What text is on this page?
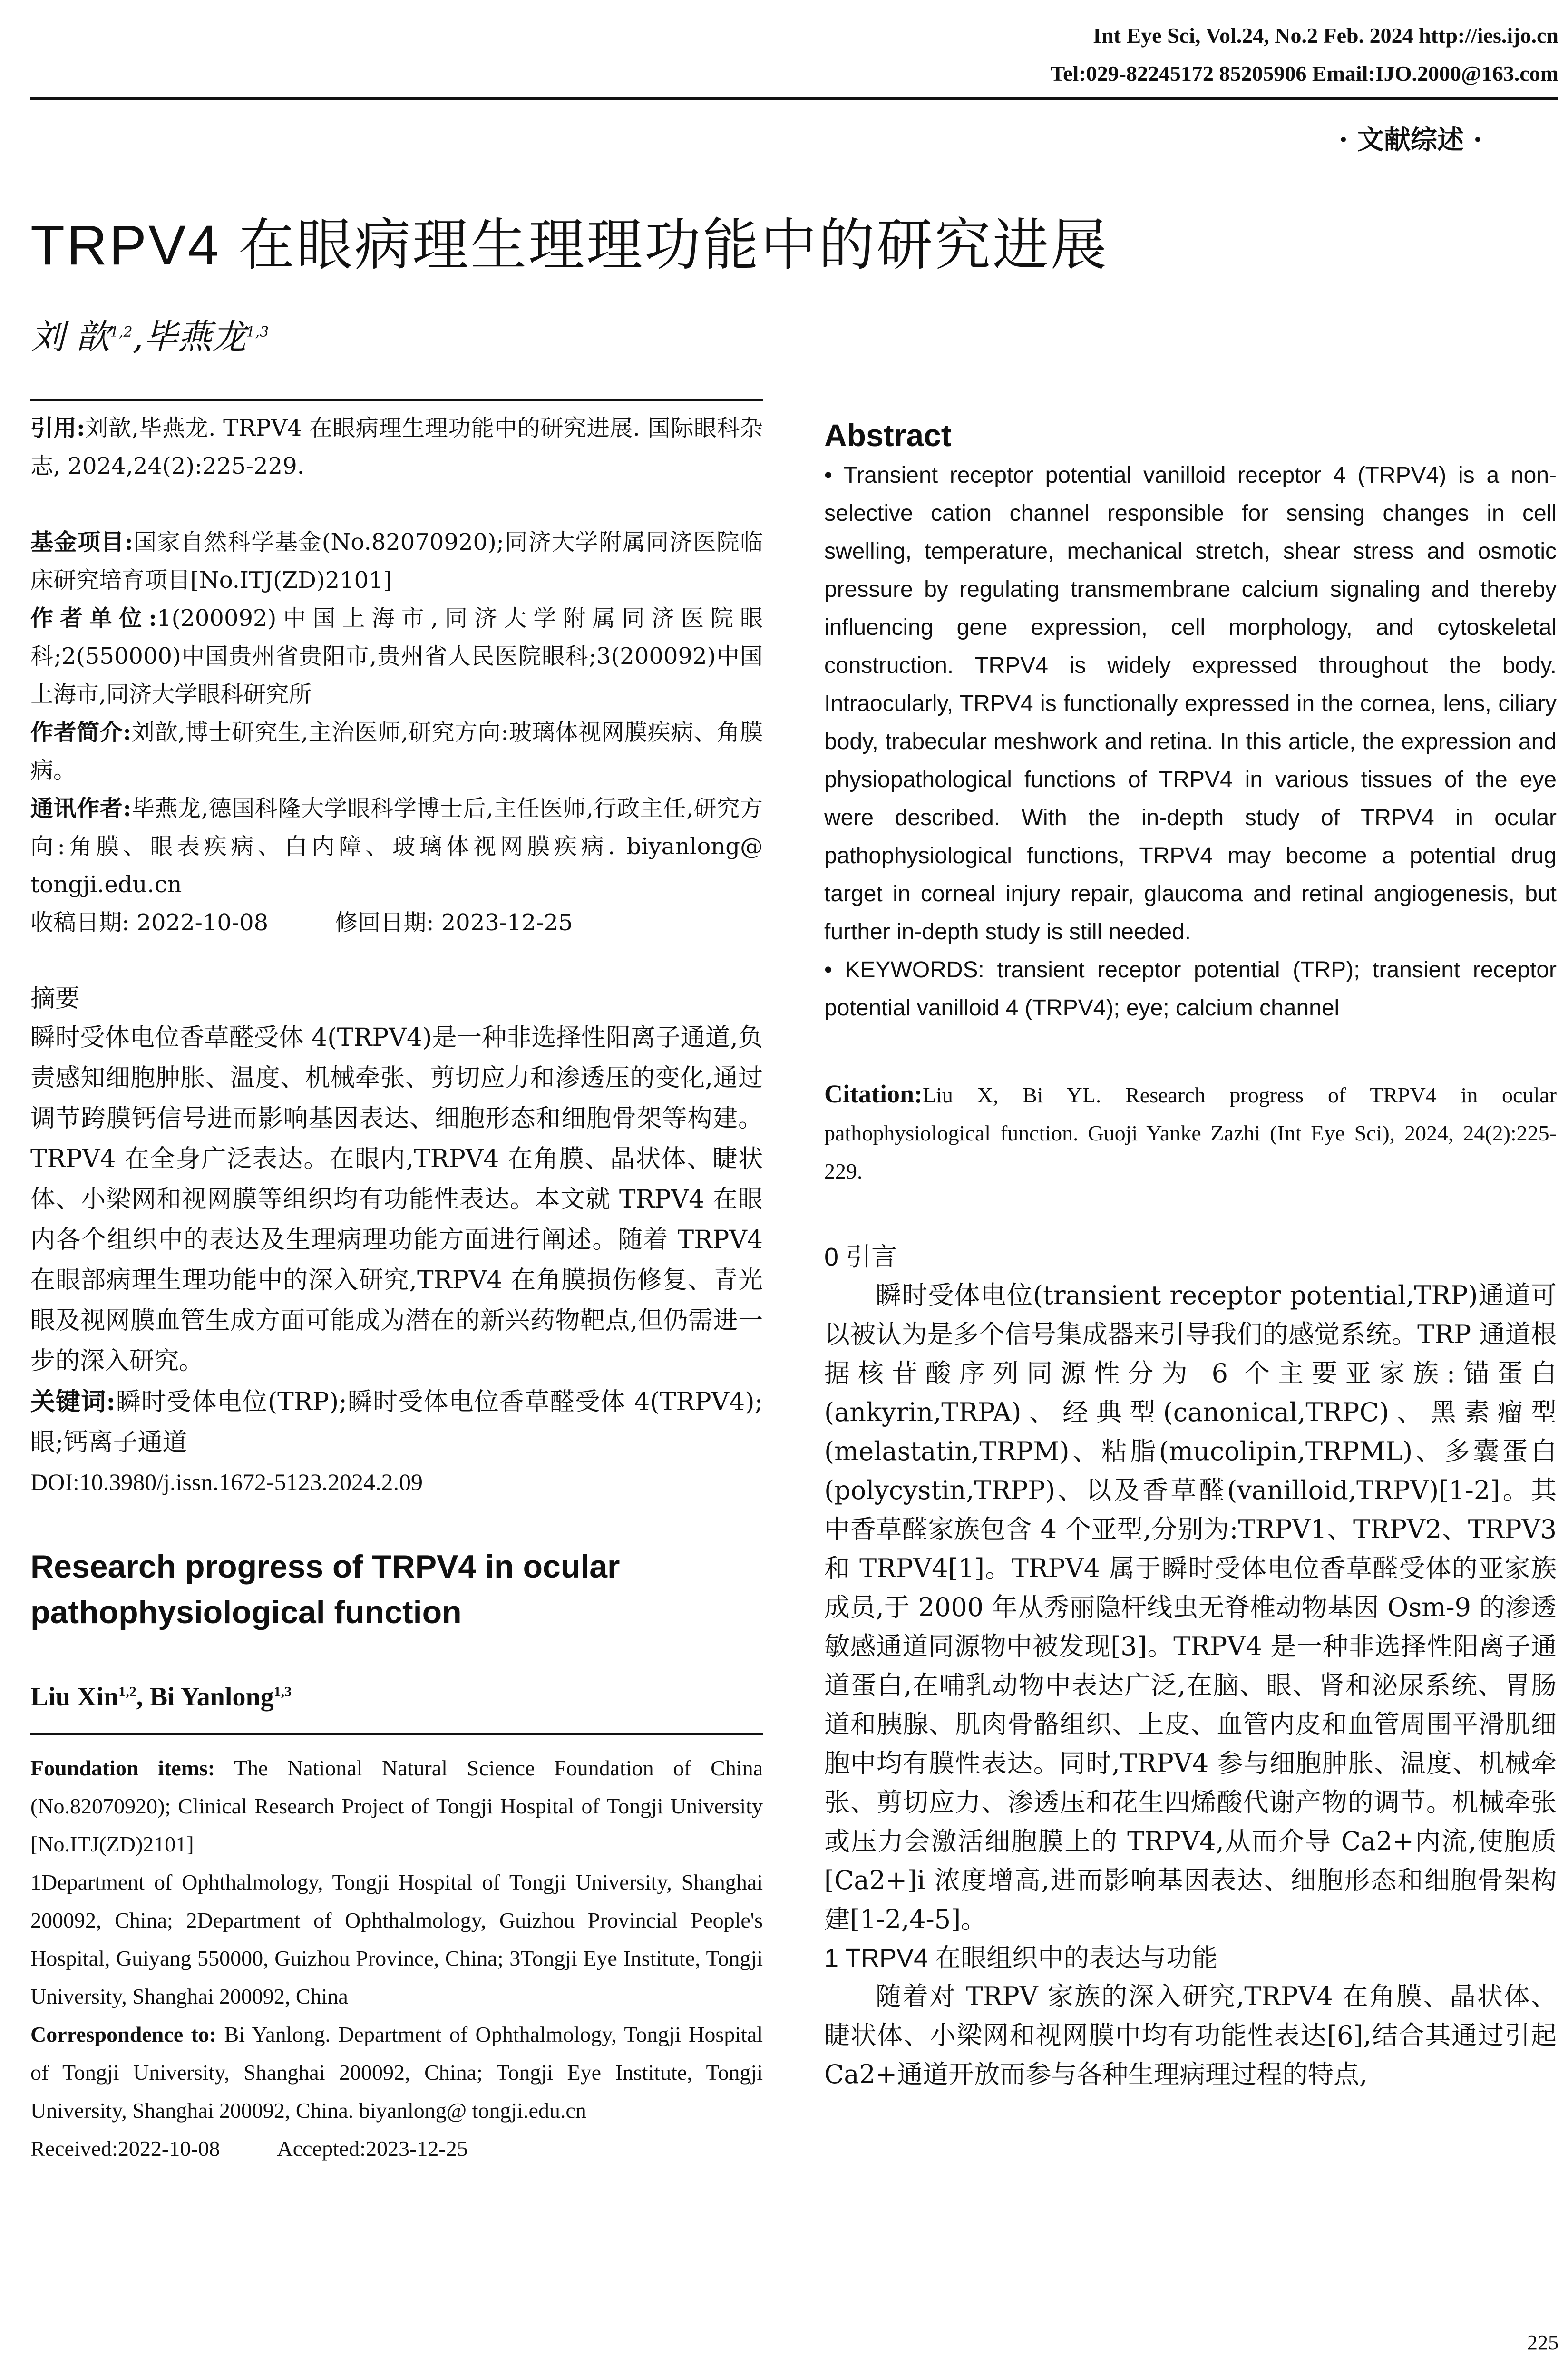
Int Eye Sci, Vol.24, No.2 Feb. 2024 http://ies.ijo.cn
Tel:029-82245172 85205906 Email:IJO.2000@163.com
· 文献综述 ·
TRPV4 在眼病理生理理功能中的研究进展
刘 歆$^{1,2}$,毕燕龙$^{1,3}$

引用:刘歆,毕燕龙. TRPV4 在眼病理生理功能中的研究进展. 国际眼科杂志, 2024,24(2):225-229.

基金项目:国家自然科学基金(No.82070920);同济大学附属同济医院临床研究培育项目[No.ITJ(ZD)2101]

作者单位:1(200092)中国上海市,同济大学附属同济医院眼科;2(550000)中国贵州省贵阳市,贵州省人民医院眼科;3(200092)中国上海市,同济大学眼科研究所

作者简介:刘歆,博士研究生,主治医师,研究方向:玻璃体视网膜疾病、角膜病。

通讯作者:毕燕龙,德国科隆大学眼科学博士后,主任医师,行政主任,研究方向:角膜、眼表疾病、白内障、玻璃体视网膜疾病. biyanlong@ tongji.edu.cn

收稿日期: 2022-10-08	修回日期: 2023-12-25

摘要

瞬时受体电位香草醛受体 4(TRPV4)是一种非选择性阳离子通道,负责感知细胞肿胀、温度、机械牵张、剪切应力和渗透压的变化,通过调节跨膜钙信号进而影响基因表达、细胞形态和细胞骨架等构建。TRPV4 在全身广泛表达。在眼内,TRPV4 在角膜、晶状体、睫状体、小梁网和视网膜等组织均有功能性表达。本文就 TRPV4 在眼内各个组织中的表达及生理病理功能方面进行阐述。随着 TRPV4 在眼部病理生理功能中的深入研究,TRPV4 在角膜损伤修复、青光眼及视网膜血管生成方面可能成为潜在的新兴药物靶点,但仍需进一步的深入研究。

关键词:瞬时受体电位(TRP);瞬时受体电位香草醛受体 4(TRPV4);眼;钙离子通道

DOI:10.3980/j.issn.1672-5123.2024.2.09

Research progress of TRPV4 in ocular pathophysiological function

Liu Xin$^{1,2}$, Bi Yanlong$^{1,3}$

Foundation items: The National Natural Science Foundation of China (No.82070920); Clinical Research Project of Tongji Hospital of Tongji University [No.ITJ(ZD)2101]

1Department of Ophthalmology, Tongji Hospital of Tongji University, Shanghai 200092, China; 2Department of Ophthalmology, Guizhou Provincial People's Hospital, Guiyang 550000, Guizhou Province, China; 3Tongji Eye Institute, Tongji University, Shanghai 200092, China

Correspondence to: Bi Yanlong. Department of Ophthalmology, Tongji Hospital of Tongji University, Shanghai 200092, China; Tongji Eye Institute, Tongji University, Shanghai 200092, China. biyanlong@ tongji.edu.cn

Received:2022-10-08	Accepted:2023-12-25

Abstract

• Transient receptor potential vanilloid receptor 4 (TRPV4) is a non-selective cation channel responsible for sensing changes in cell swelling, temperature, mechanical stretch, shear stress and osmotic pressure by regulating transmembrane calcium signaling and thereby influencing gene expression, cell morphology, and cytoskeletal construction. TRPV4 is widely expressed throughout the body. Intraocularly, TRPV4 is functionally expressed in the cornea, lens, ciliary body, trabecular meshwork and retina. In this article, the expression and physiopathological functions of TRPV4 in various tissues of the eye were described. With the in-depth study of TRPV4 in ocular pathophysiological functions, TRPV4 may become a potential drug target in corneal injury repair, glaucoma and retinal angiogenesis, but further in-depth study is still needed.

• KEYWORDS: transient receptor potential (TRP); transient receptor potential vanilloid 4 (TRPV4); eye; calcium channel

Citation:Liu X, Bi YL. Research progress of TRPV4 in ocular pathophysiological function. Guoji Yanke Zazhi (Int Eye Sci), 2024, 24(2):225-229.

0 引言

瞬时受体电位(transient receptor potential,TRP)通道可以被认为是多个信号集成器来引导我们的感觉系统。TRP 通道根据核苷酸序列同源性分为 6 个主要亚家族:锚蛋白(ankyrin,TRPA)、经典型(canonical,TRPC)、黑素瘤型(melastatin,TRPM)、粘脂(mucolipin,TRPML)、多囊蛋白(polycystin,TRPP)、以及香草醛(vanilloid,TRPV)[1-2]。其中香草醛家族包含 4 个亚型,分别为:TRPV1、TRPV2、TRPV3 和 TRPV4[1]。TRPV4 属于瞬时受体电位香草醛受体的亚家族成员,于 2000 年从秀丽隐杆线虫无脊椎动物基因 Osm-9 的渗透敏感通道同源物中被发现[3]。TRPV4 是一种非选择性阳离子通道蛋白,在哺乳动物中表达广泛,在脑、眼、肾和泌尿系统、胃肠道和胰腺、肌肉骨骼组织、上皮、血管内皮和血管周围平滑肌细胞中均有膜性表达。同时,TRPV4 参与细胞肿胀、温度、机械牵张、剪切应力、渗透压和花生四烯酸代谢产物的调节。机械牵张或压力会激活细胞膜上的 TRPV4,从而介导 Ca2+内流,使胞质[Ca2+]i 浓度增高,进而影响基因表达、细胞形态和细胞骨架构建[1-2,4-5]。

1 TRPV4 在眼组织中的表达与功能

随着对 TRPV 家族的深入研究,TRPV4 在角膜、晶状体、睫状体、小梁网和视网膜中均有功能性表达[6],结合其通过引起 Ca2+通道开放而参与各种生理病理过程的特点,

225
